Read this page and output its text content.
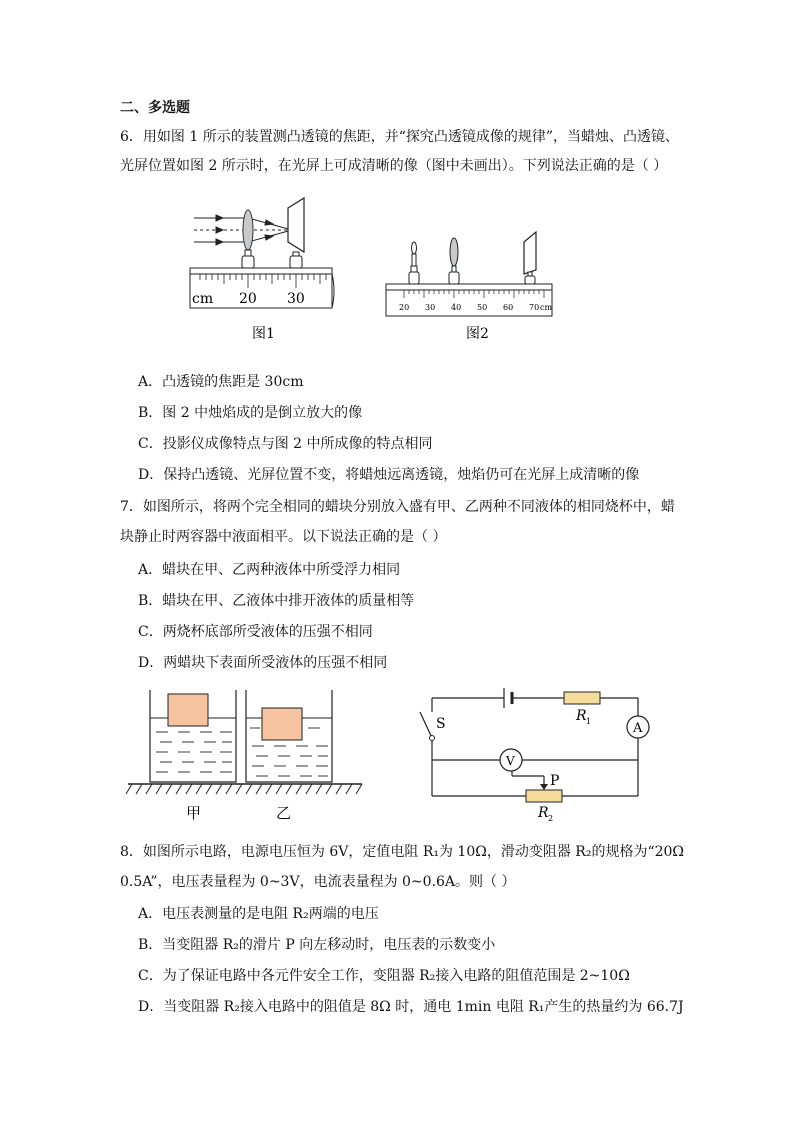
二、多选题
6．用如图 1 所示的装置测凸透镜的焦距，并“探究凸透镜成像的规律”，当蜡烛、凸透镜、
光屏位置如图 2 所示时，在光屏上可成清晰的像（图中未画出）。下列说法正确的是（ ）
cm 20 30
图1
20 30 40 50 60 70 cm
图2
A．凸透镜的焦距是 30cm
B．图 2 中烛焰成的是倒立放大的像
C．投影仪成像特点与图 2 中所成像的特点相同
D．保持凸透镜、光屏位置不变，将蜡烛远离透镜，烛焰仍可在光屏上成清晰的像
7．如图所示，将两个完全相同的蜡块分别放入盛有甲、乙两种不同液体的相同烧杯中，蜡
块静止时两容器中液面相平。以下说法正确的是（ ）
A．蜡块在甲、乙两种液体中所受浮力相同
B．蜡块在甲、乙液体中排开液体的质量相等
C．两烧杯底部所受液体的压强不相同
D．两蜡块下表面所受液体的压强不相同
甲	乙
S	R 1	A
V
P
R 2
8．如图所示电路，电源电压恒为 6V，定值电阻 R₁为 10Ω，滑动变阻器 R₂的规格为“20Ω
0.5A”，电压表量程为 0~3V，电流表量程为 0~0.6A。则（ ）
A．电压表测量的是电阻 R₂两端的电压
B．当变阻器 R₂的滑片 P 向左移动时，电压表的示数变小
C．为了保证电路中各元件安全工作，变阻器 R₂接入电路的阻值范围是 2~10Ω
D．当变阻器 R₂接入电路中的阻值是 8Ω 时，通电 1min 电阻 R₁产生的热量约为 66.7J
